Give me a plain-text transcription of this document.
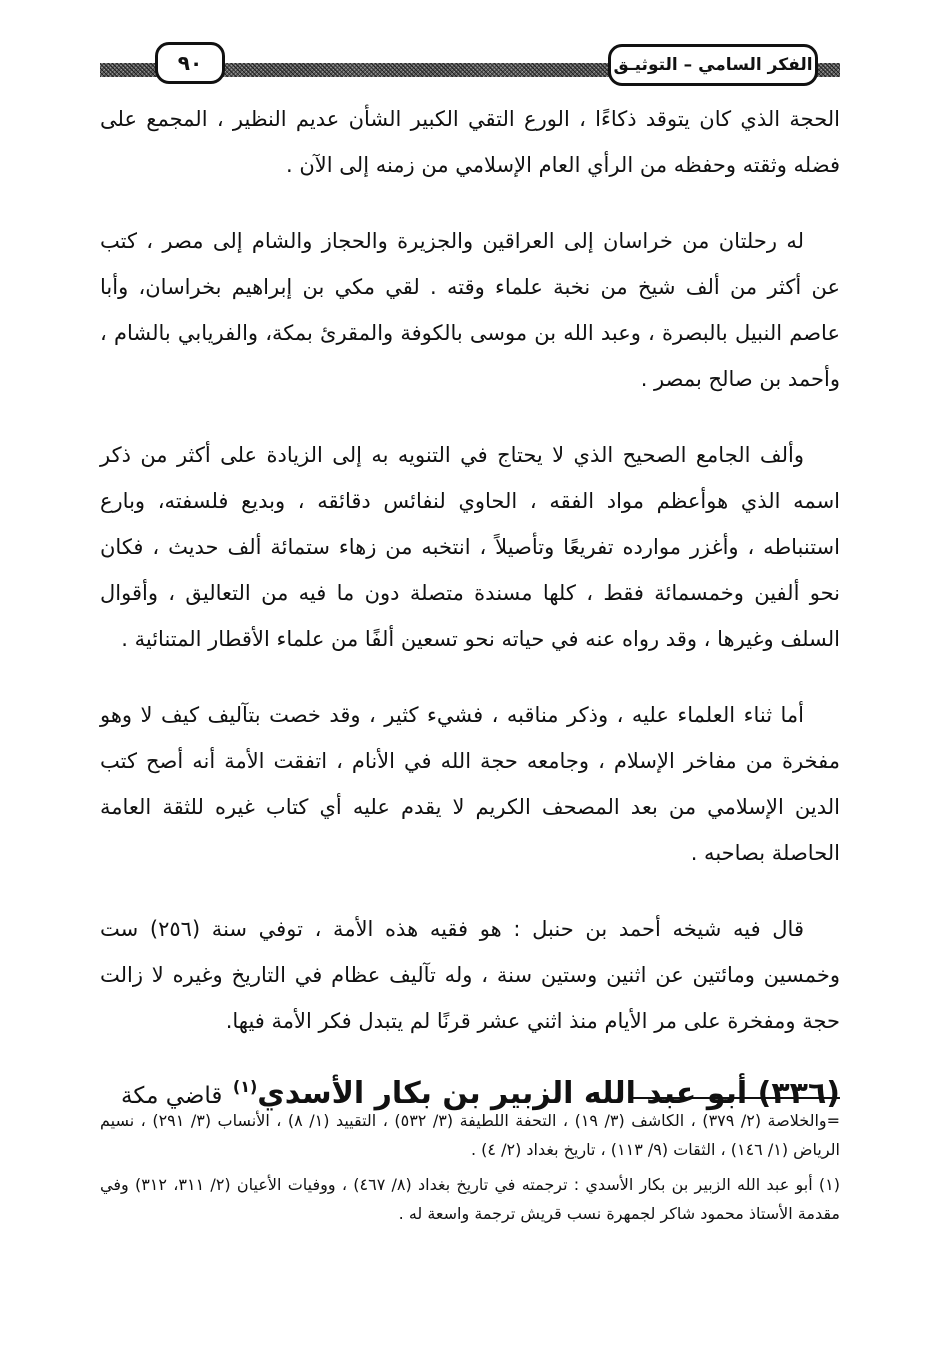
الفكر السامي – التوثيـق
٩٠

الحجة الذي كان يتوقد ذكاءًا ، الورع التقي الكبير الشأن عديم النظير ، المجمع على فضله وثقته وحفظه من الرأي العام الإسلامي من زمنه إلى الآن .

له رحلتان من خراسان إلى العراقين والجزيرة والحجاز والشام إلى مصر ، كتب عن أكثر من ألف شيخ من نخبة علماء وقته . لقي مكي بن إبراهيم بخراسان، وأبا عاصم النبيل بالبصرة ، وعبد الله بن موسى بالكوفة والمقرئ بمكة، والفريابي بالشام ، وأحمد بن صالح بمصر .

وألف الجامع الصحيح الذي لا يحتاج في التنويه به إلى الزيادة على أكثر من ذكر اسمه الذي هوأعظم مواد الفقه ، الحاوي لنفائس دقائقه ، وبديع فلسفته، وبارع استنباطه ، وأغزر موارده تفريعًا وتأصيلاً ، انتخبه من زهاء ستمائة ألف حديث ، فكان نحو ألفين وخمسمائة فقط ، كلها مسندة متصلة دون ما فيه من التعاليق ، وأقوال السلف وغيرها ، وقد رواه عنه في حياته نحو تسعين ألفًا من علماء الأقطار المتنائية .

أما ثناء العلماء عليه ، وذكر مناقبه ، فشيء كثير ، وقد خصت بتآليف كيف لا وهو مفخرة من مفاخر الإسلام ، وجامعه حجة الله في الأنام ، اتفقت الأمة أنه أصح كتب الدين الإسلامي من بعد المصحف الكريم لا يقدم عليه أي كتاب غيره للثقة العامة الحاصلة بصاحبه .

قال فيه شيخه أحمد بن حنبل : هو فقيه هذه الأمة ، توفي سنة (٢٥٦) ست وخمسين ومائتين عن اثنين وستين سنة ، وله تآليف عظام في التاريخ وغيره لا زالت حجة ومفخرة على مر الأيام منذ اثني عشر قرنًا لم يتبدل فكر الأمة فيها.

(٣٣٦) أبو عبد الله الزبير بن بكار الأسدي$^{(١)}$ قاضي مكة

=والخلاصة (٢/ ٣٧٩) ، الكاشف (٣/ ١٩) ، التحفة اللطيفة (٣/ ٥٣٢) ، التقييد (١/ ٨) ، الأنساب (٣/ ٢٩١) ، نسيم الرياض (١/ ١٤٦) ، الثقات (٩/ ١١٣) ، تاريخ بغداد (٢/ ٤) .

(١) أبو عبد الله الزبير بن بكار الأسدي : ترجمته في تاريخ بغداد (٨/ ٤٦٧) ، ووفيات الأعيان (٢/ ٣١١، ٣١٢) وفي مقدمة الأستاذ محمود شاكر لجمهرة نسب قريش ترجمة واسعة له .
